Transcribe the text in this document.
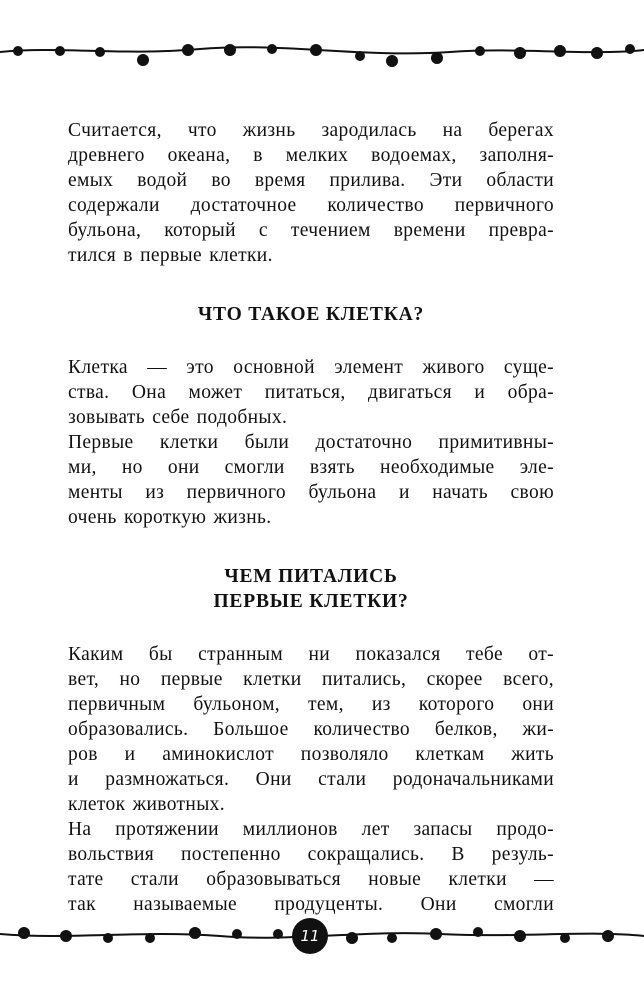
Считается, что жизнь зародилась на берегах
древнего океана, в мелких водоемах, заполня-
емых водой во время прилива. Эти области
содержали достаточное количество первичного
бульона, который с течением времени превра-
тился в первые клетки.

ЧТО ТАКОЕ КЛЕТКА?

Клетка — это основной элемент живого суще-
ства. Она может питаться, двигаться и обра-
зовывать себе подобных.
Первые клетки были достаточно примитивны-
ми, но они смогли взять необходимые эле-
менты из первичного бульона и начать свою
очень короткую жизнь.

ЧЕМ ПИТАЛИСЬ
ПЕРВЫЕ КЛЕТКИ?

Каким бы странным ни показался тебе от-
вет, но первые клетки питались, скорее всего,
первичным бульоном, тем, из которого они
образовались. Большое количество белков, жи-
ров и аминокислот позволяло клеткам жить
и размножаться. Они стали родоначальниками
клеток животных.
На протяжении миллионов лет запасы продо-
вольствия постепенно сокращались. В резуль-
тате стали образовываться новые клетки —
так называемые продуценты. Они смогли

11
